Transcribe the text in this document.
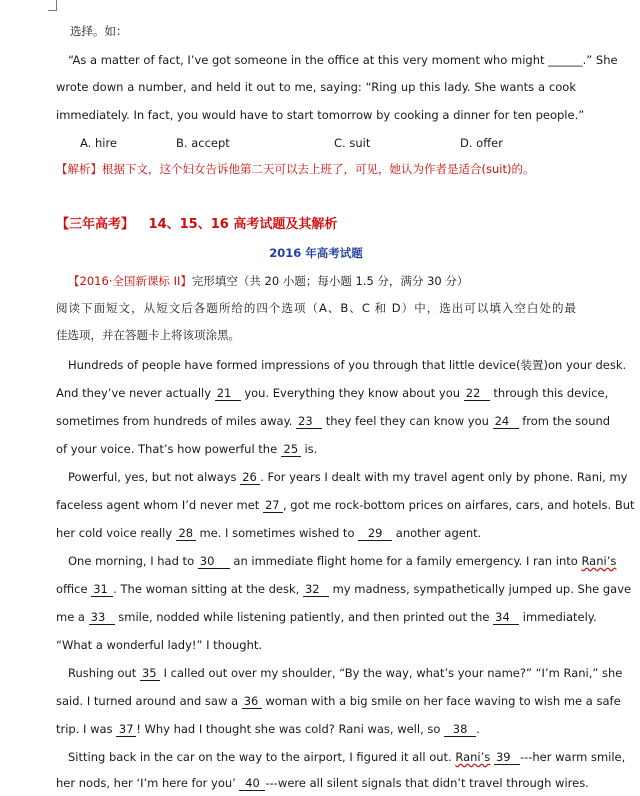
选择。如：
“As a matter of fact, I’ve got someone in the office at this very moment who might ______.” She
wrote down a number, and held it out to me, saying: “Ring up this lady. She wants a cook
immediately. In fact, you would have to start tomorrow by cooking a dinner for ten people.”
A. hire	B. accept	C. suit	D. offer
【解析】根据下文，这个妇女告诉他第二天可以去上班了，可见，她认为作者是适合(suit)的。
【三年高考】 14、15、16 高考试题及其解析
2016 年高考试题
【2016·全国新课标 II】完形填空（共 20 小题；每小题 1.5 分，满分 30 分）
阅读下面短文，从短文后各题所给的四个选项（A、B、C 和 D）中，选出可以填入空白处的最
佳选项，并在答题卡上将该项涂黑。
Hundreds of people have formed impressions of you through that little device(装置)on your desk.
And they’ve never actually 21 you. Everything they know about you 22 through this device,
sometimes from hundreds of miles away. 23 they feel they can know you 24 from the sound
of your voice. That’s how powerful the 25 is.
Powerful, yes, but not always 26 . For years I dealt with my travel agent only by phone. Rani, my
faceless agent whom I’d never met 27 , got me rock-bottom prices on airfares, cars, and hotels. But
her cold voice really 28 me. I sometimes wished to 29 another agent.
One morning, I had to 30 an immediate flight home for a family emergency. I ran into Rani’s
office 31 . The woman sitting at the desk, 32 my madness, sympathetically jumped up. She gave
me a 33 smile, nodded while listening patiently, and then printed out the 34 immediately.
“What a wonderful lady!” I thought.
Rushing out 35 I called out over my shoulder, “By the way, what’s your name?” “I’m Rani,” she
said. I turned around and saw a 36 woman with a big smile on her face waving to wish me a safe
trip. I was 37 ! Why had I thought she was cold? Rani was, well, so 38 .
Sitting back in the car on the way to the airport, I figured it all out. Rani’s 39 ---her warm smile,
her nods, her ‘I’m here for you’ 40 ---were all silent signals that didn’t travel through wires.
